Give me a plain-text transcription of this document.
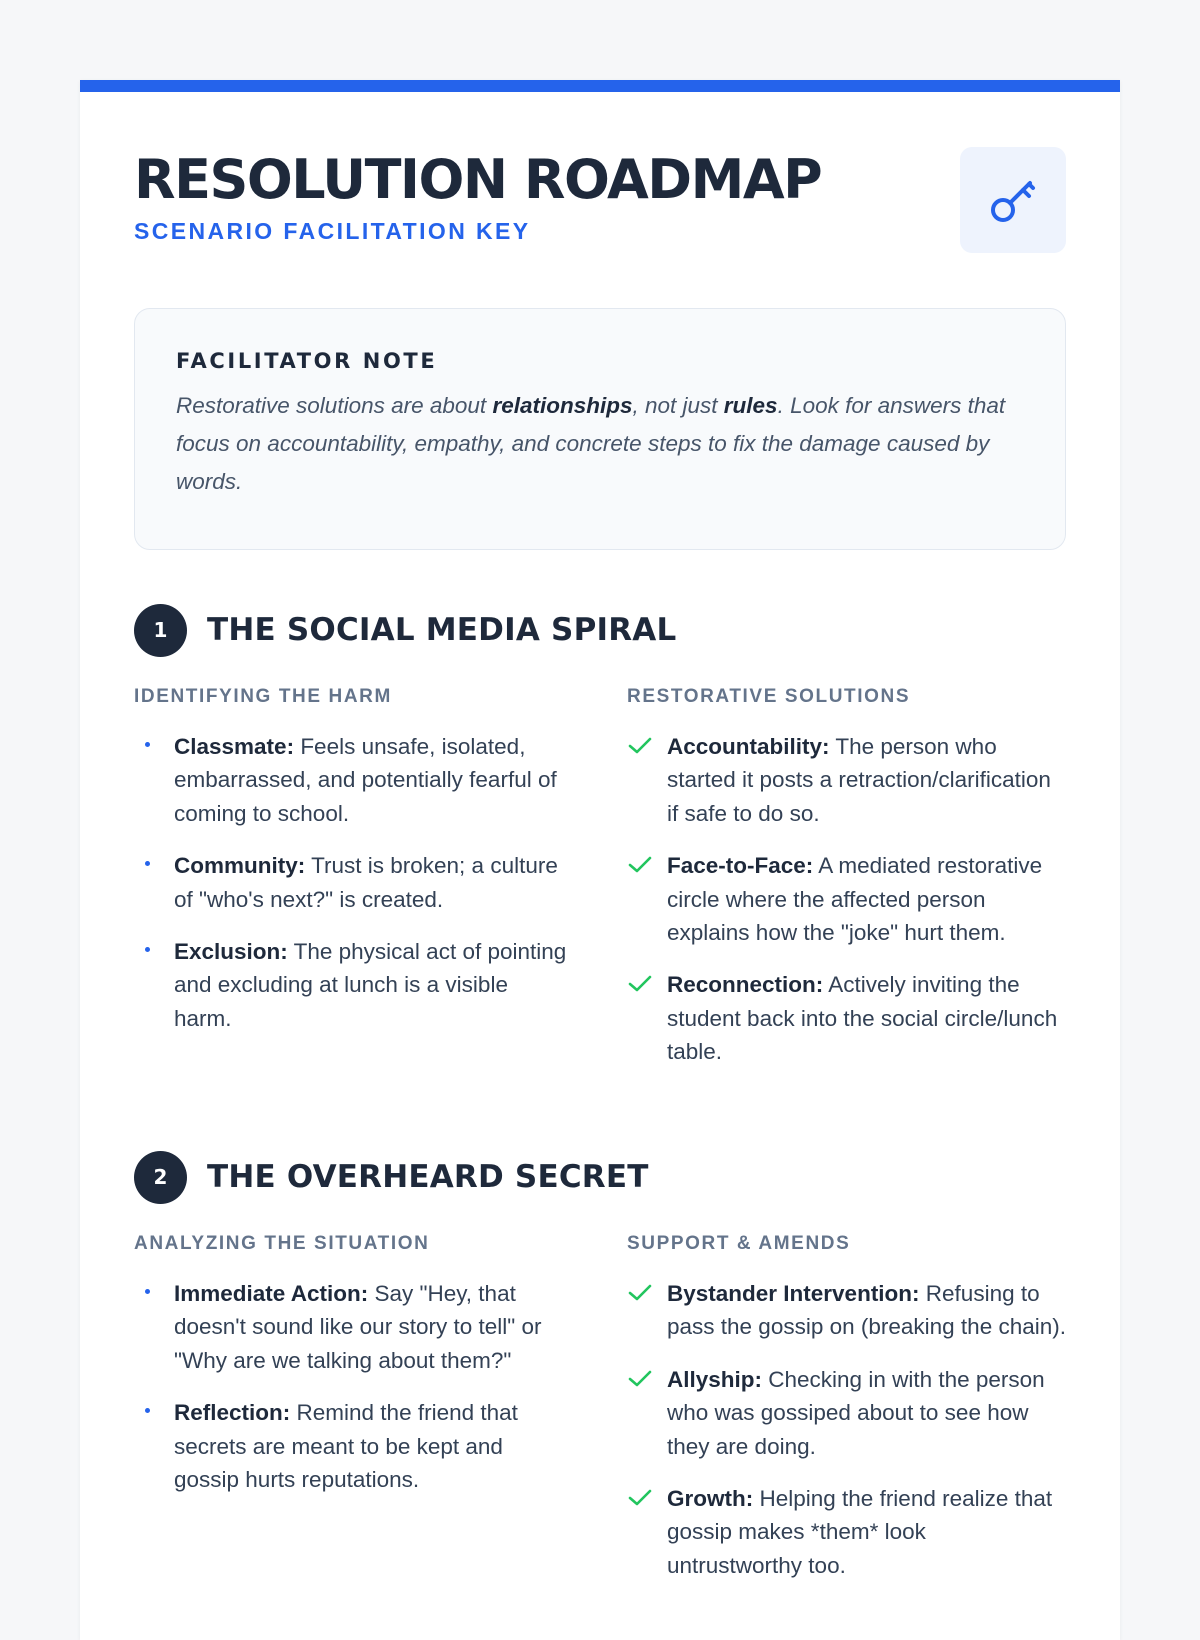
RESOLUTION ROADMAP
SCENARIO FACILITATION KEY
FACILITATOR NOTE

Restorative solutions are about relationships, not just rules. Look for answers that focus on accountability, empathy, and concrete steps to fix the damage caused by words.

1	THE SOCIAL MEDIA SPIRAL
IDENTIFYING THE HARM
Classmate: Feels unsafe, isolated, embarrassed, and potentially fearful of coming to school.
Community: Trust is broken; a culture of "who's next?" is created.
Exclusion: The physical act of pointing and excluding at lunch is a visible harm.
RESTORATIVE SOLUTIONS
Accountability: The person who started it posts a retraction/clarification if safe to do so.
Face-to-Face: A mediated restorative circle where the affected person explains how the "joke" hurt them.
Reconnection: Actively inviting the student back into the social circle/lunch table.
2	THE OVERHEARD SECRET
ANALYZING THE SITUATION
Immediate Action: Say "Hey, that doesn't sound like our story to tell" or "Why are we talking about them?"
Reflection: Remind the friend that secrets are meant to be kept and gossip hurts reputations.
SUPPORT & AMENDS
Bystander Intervention: Refusing to pass the gossip on (breaking the chain).
Allyship: Checking in with the person who was gossiped about to see how they are doing.
Growth: Helping the friend realize that gossip makes *them* look untrustworthy too.
